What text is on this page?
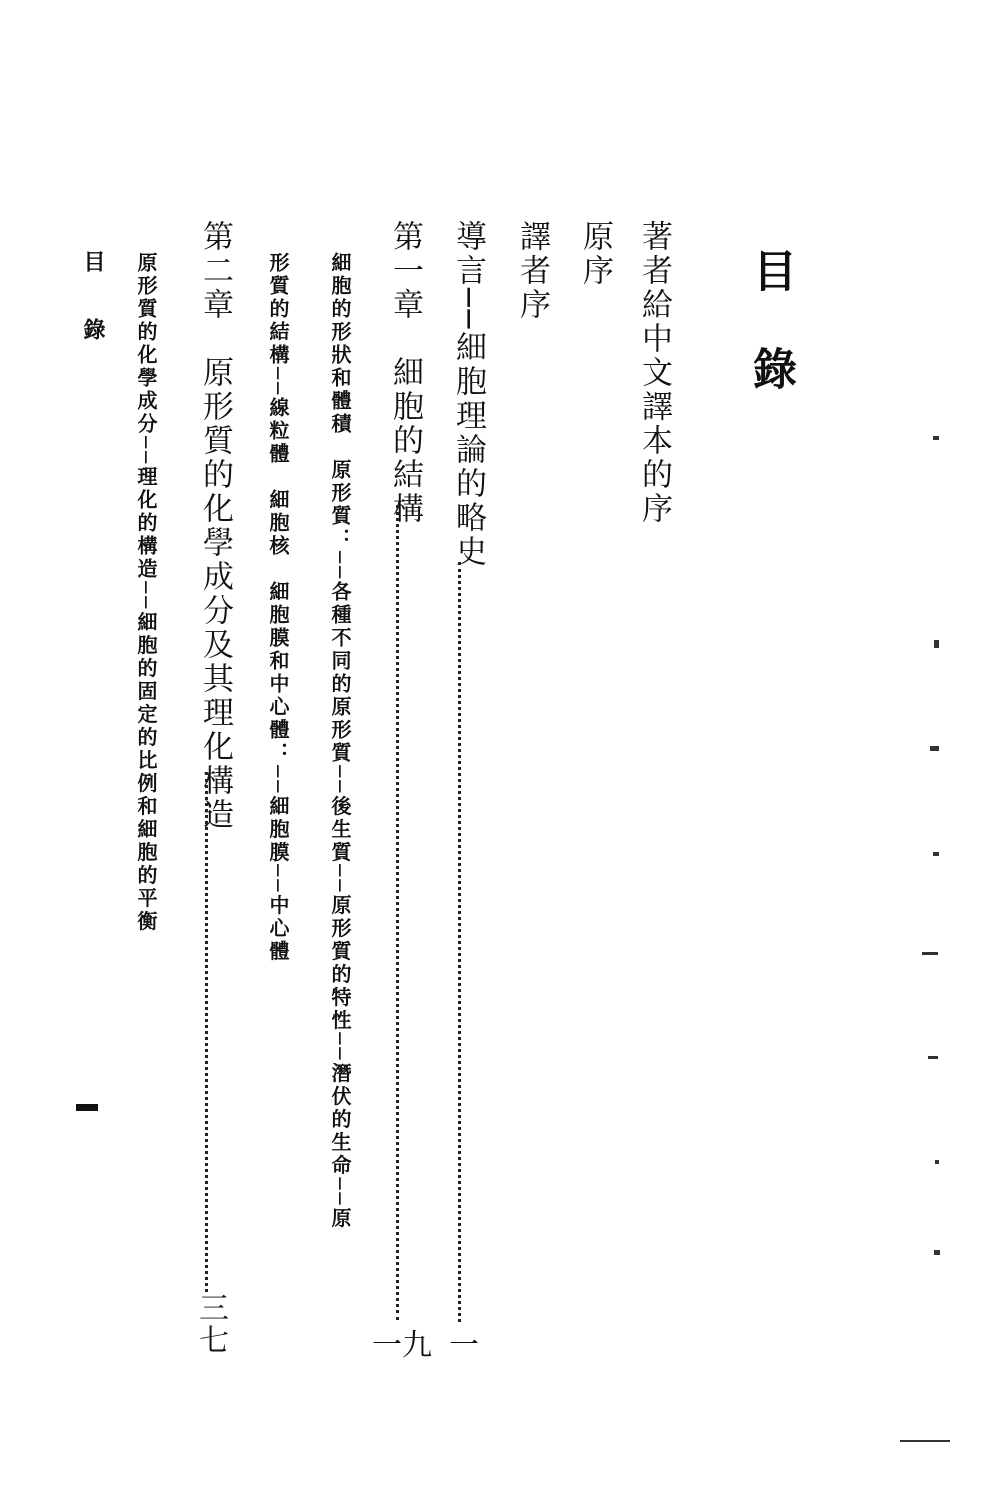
目錄
著者給中文譯本的序
原序
譯者序
導言──細胞理論的略史
一
第一章　細胞的結構
一九
細胞的形狀和體積　原形質：──各種不同的原形質──後生質──原形質的特性──潛伏的生命──原
形質的結構──線粒體　細胞核　細胞膜和中心體：──細胞膜──中心體
第二章　原形質的化學成分及其理化構造
三七
原形質的化學成分──理化的構造──細胞的固定的比例和細胞的平衡
目錄
